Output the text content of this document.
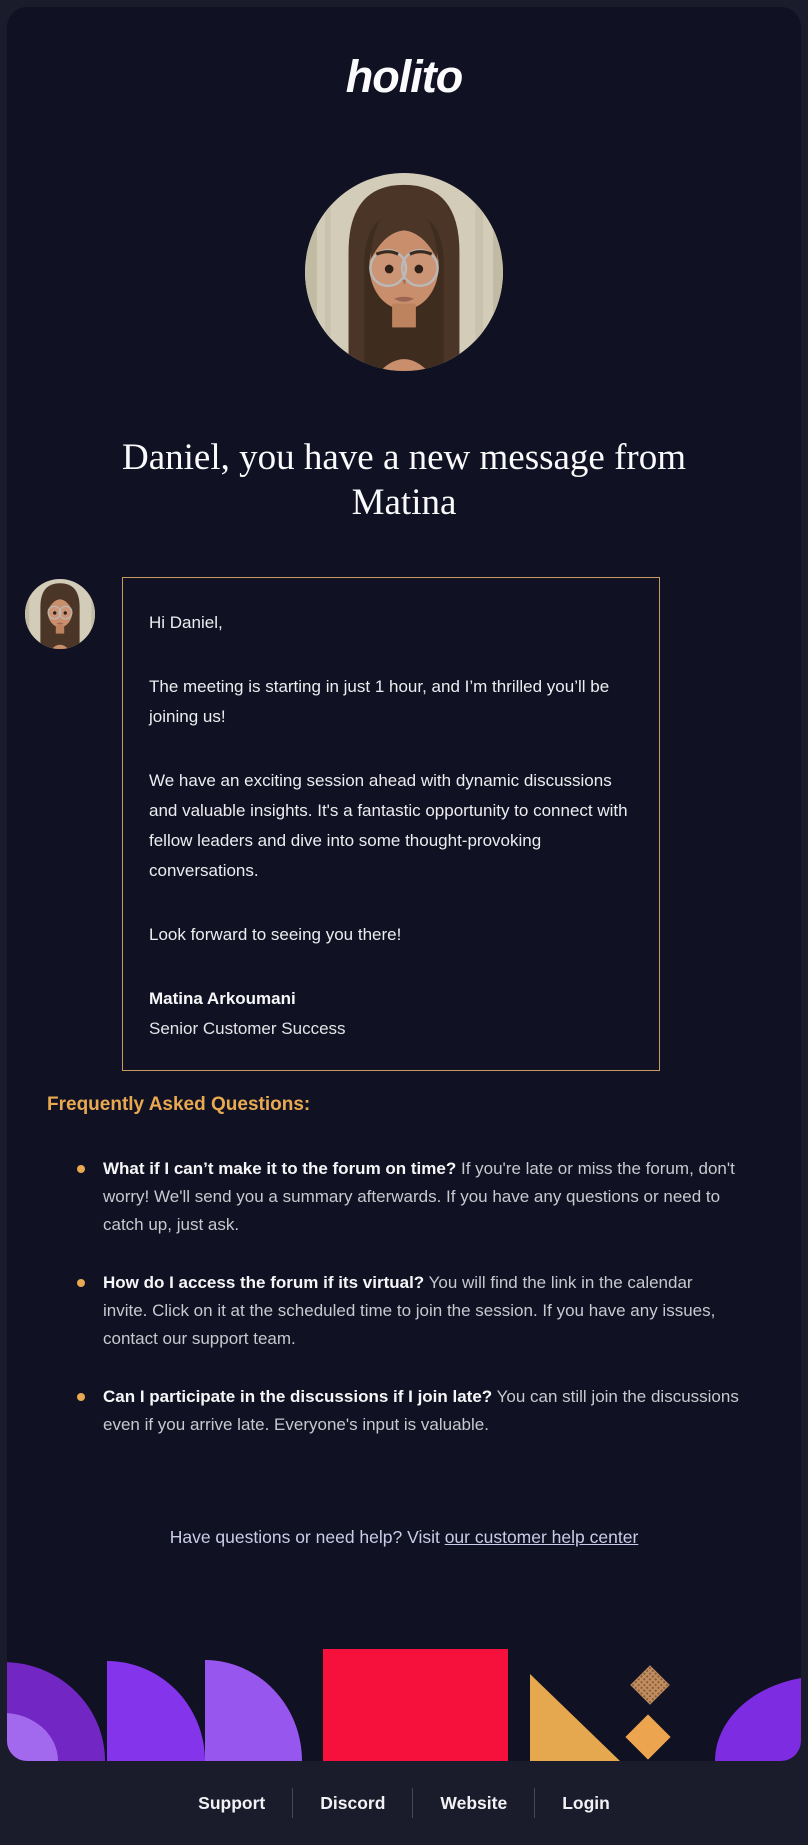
holito
Daniel, you have a new message from Matina

Hi Daniel,

The meeting is starting in just 1 hour, and I’m thrilled you’ll be joining us!

We have an exciting session ahead with dynamic discussions and valuable insights. It's a fantastic opportunity to connect with fellow leaders and dive into some thought-provoking conversations.

Look forward to seeing you there!

Matina Arkoumani

Senior Customer Success

Frequently Asked Questions:
What if I can’t make it to the forum on time? If you're late or miss the forum, don't worry! We'll send you a summary afterwards. If you have any questions or need to catch up, just ask.
How do I access the forum if its virtual? You will find the link in the calendar invite. Click on it at the scheduled time to join the session. If you have any issues, contact our support team.
Can I participate in the discussions if I join late? You can still join the discussions even if you arrive late. Everyone's input is valuable.
Have questions or need help? Visit our customer help center
Support	Discord	Website	Login
